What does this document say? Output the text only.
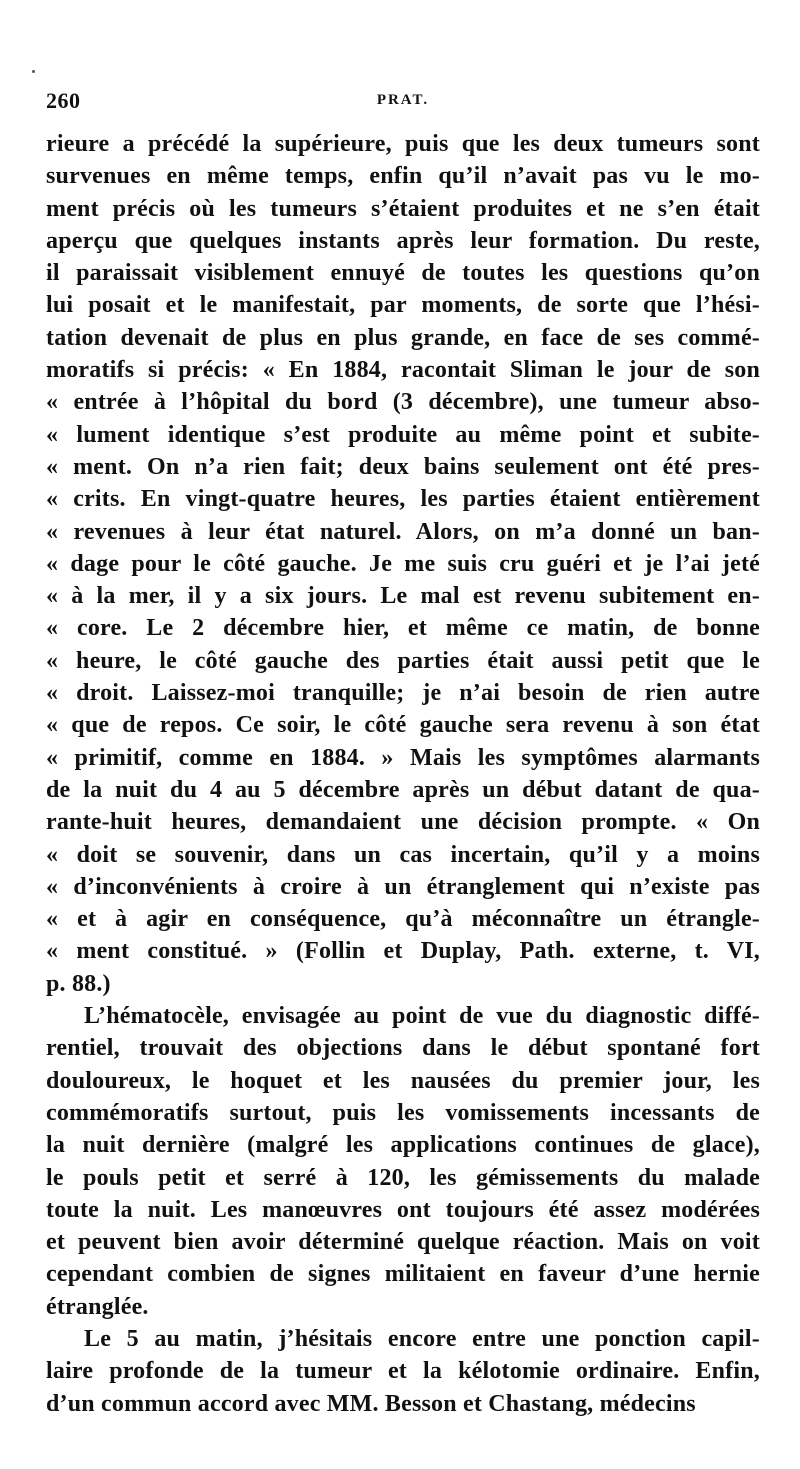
260	PRAT.
rieure a précédé la supérieure, puis que les deux tumeurs sont
survenues en même temps, enfin qu’il n’avait pas vu le mo-
ment précis où les tumeurs s’étaient produites et ne s’en était
aperçu que quelques instants après leur formation. Du reste,
il paraissait visiblement ennuyé de toutes les questions qu’on
lui posait et le manifestait, par moments, de sorte que l’hési-
tation devenait de plus en plus grande, en face de ses commé-
moratifs si précis: « En 1884, racontait Sliman le jour de son
« entrée à l’hôpital du bord (3 décembre), une tumeur abso-
« lument identique s’est produite au même point et subite-
« ment. On n’a rien fait; deux bains seulement ont été pres-
« crits. En vingt-quatre heures, les parties étaient entièrement
« revenues à leur état naturel. Alors, on m’a donné un ban-
« dage pour le côté gauche. Je me suis cru guéri et je l’ai jeté
« à la mer, il y a six jours. Le mal est revenu subitement en-
« core. Le 2 décembre hier, et même ce matin, de bonne
« heure, le côté gauche des parties était aussi petit que le
« droit. Laissez-moi tranquille; je n’ai besoin de rien autre
« que de repos. Ce soir, le côté gauche sera revenu à son état
« primitif, comme en 1884. » Mais les symptômes alarmants
de la nuit du 4 au 5 décembre après un début datant de qua-
rante-huit heures, demandaient une décision prompte. « On
« doit se souvenir, dans un cas incertain, qu’il y a moins
« d’inconvénients à croire à un étranglement qui n’existe pas
« et à agir en conséquence, qu’à méconnaître un étrangle-
« ment constitué. » (Follin et Duplay, Path. externe, t. VI,
p. 88.)
L’hématocèle, envisagée au point de vue du diagnostic diffé-
rentiel, trouvait des objections dans le début spontané fort
douloureux, le hoquet et les nausées du premier jour, les
commémoratifs surtout, puis les vomissements incessants de
la nuit dernière (malgré les applications continues de glace),
le pouls petit et serré à 120, les gémissements du malade
toute la nuit. Les manœuvres ont toujours été assez modérées
et peuvent bien avoir déterminé quelque réaction. Mais on voit
cependant combien de signes militaient en faveur d’une hernie
étranglée.
Le 5 au matin, j’hésitais encore entre une ponction capil-
laire profonde de la tumeur et la kélotomie ordinaire. Enfin,
d’un commun accord avec MM. Besson et Chastang, médecins
